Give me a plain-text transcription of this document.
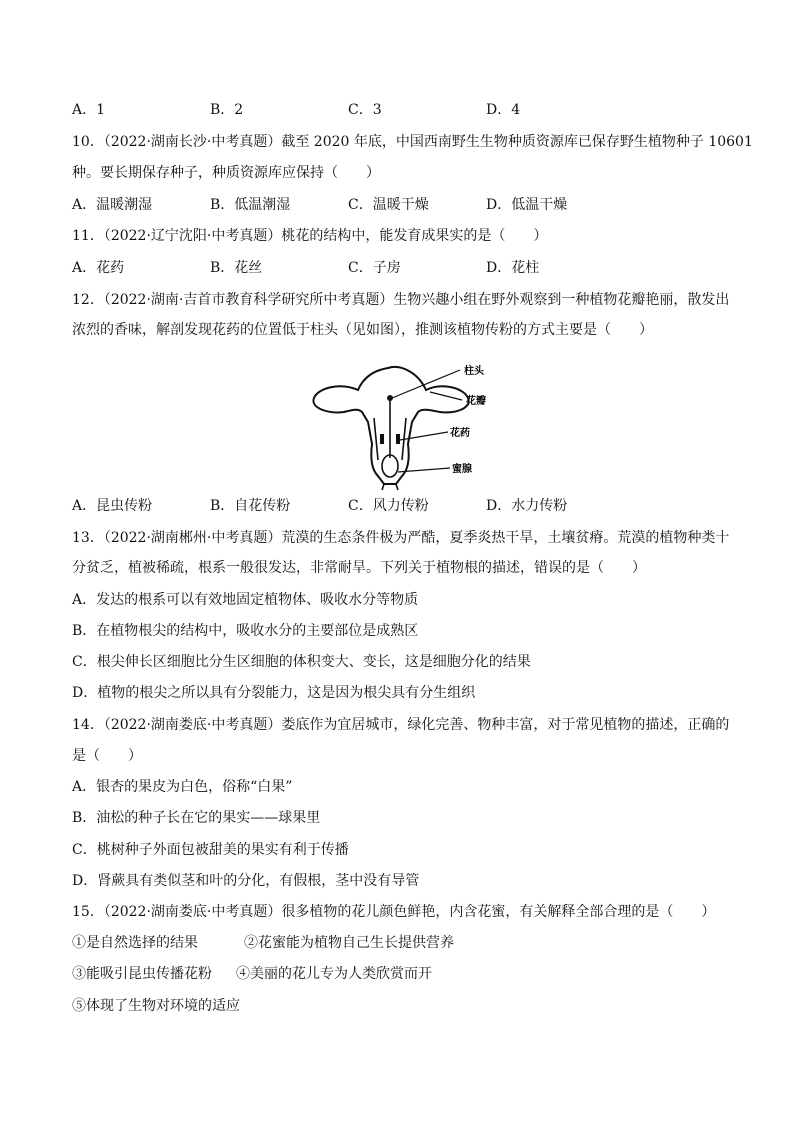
A．1	B．2	C．3	D．4
10．（2022·湖南长沙·中考真题）截至 2020 年底，中国西南野生生物种质资源库已保存野生植物种子 10601
种。要长期保存种子，种质资源库应保持（　　）
A．温暖潮湿	B．低温潮湿	C．温暖干燥	D．低温干燥
11．（2022·辽宁沈阳·中考真题）桃花的结构中，能发育成果实的是（　　）
A．花药	B．花丝	C．子房	D．花柱
12．（2022·湖南·吉首市教育科学研究所中考真题）生物兴趣小组在野外观察到一种植物花瓣艳丽，散发出
浓烈的香味，解剖发现花药的位置低于柱头（见如图），推测该植物传粉的方式主要是（　　）
柱头
花瓣
花药
蜜腺
A．昆虫传粉	B．自花传粉	C．风力传粉	D．水力传粉
13．（2022·湖南郴州·中考真题）荒漠的生态条件极为严酷，夏季炎热干旱，土壤贫瘠。荒漠的植物种类十
分贫乏，植被稀疏，根系一般很发达，非常耐旱。下列关于植物根的描述，错误的是（　　）
A．发达的根系可以有效地固定植物体、吸收水分等物质
B．在植物根尖的结构中，吸收水分的主要部位是成熟区
C．根尖伸长区细胞比分生区细胞的体积变大、变长，这是细胞分化的结果
D．植物的根尖之所以具有分裂能力，这是因为根尖具有分生组织
14．（2022·湖南娄底·中考真题）娄底作为宜居城市，绿化完善、物种丰富，对于常见植物的描述，正确的
是（　　）
A．银杏的果皮为白色，俗称“白果”
B．油松的种子长在它的果实——球果里
C．桃树种子外面包被甜美的果实有利于传播
D．肾蕨具有类似茎和叶的分化，有假根，茎中没有导管
15．（2022·湖南娄底·中考真题）很多植物的花儿颜色鲜艳，内含花蜜，有关解释全部合理的是（　　）
①是自然选择的结果	②花蜜能为植物自己生长提供营养
③能吸引昆虫传播花粉 ④美丽的花儿专为人类欣赏而开
⑤体现了生物对环境的适应
